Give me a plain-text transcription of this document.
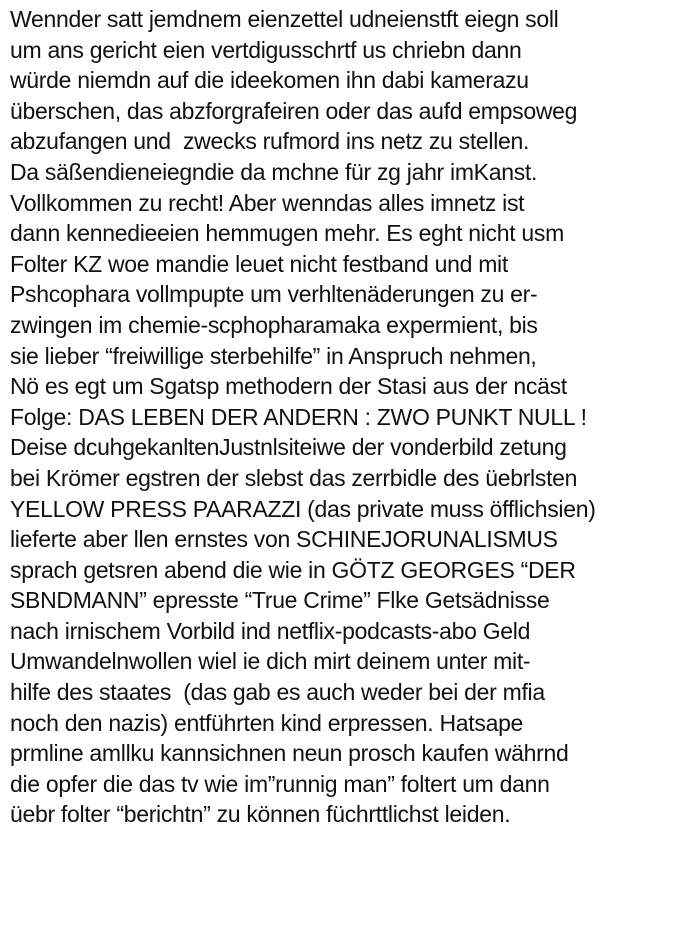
Wennder satt jemdnem eienzettel udneienstft eiegn soll
um ans gericht eien vertdigusschrtf us chriebn dann
würde niemdn auf die ideekomen ihn dabi kamerazu
überschen, das abzforgrafeiren oder das aufd empsoweg
abzufangen und  zwecks rufmord ins netz zu stellen.
Da säßendieneiegndie da mchne für zg jahr imKanst.
Vollkommen zu recht! Aber wenndas alles imnetz ist
dann kennedieeien hemmugen mehr. Es eght nicht usm
Folter KZ woe mandie leuet nicht festband und mit
Pshcophara vollmpupte um verhltenäderungen zu er-
zwingen im chemie-scphopharamaka expermient, bis
sie lieber “freiwillige sterbehilfe” in Anspruch nehmen,
Nö es egt um Sgatsp methodern der Stasi aus der ncäst
Folge: DAS LEBEN DER ANDERN : ZWO PUNKT NULL !
Deise dcuhgekanltenJustnlsiteiwe der vonderbild zetung
bei Krömer egstren der slebst das zerrbidle des üebrlsten
YELLOW PRESS PAARAZZI (das private muss öfflichsien)
lieferte aber llen ernstes von SCHINEJORUNALISMUS
sprach getsren abend die wie in GÖTZ GEORGES “DER
SBNDMANN” epresste “True Crime” Flke Getsädnisse
nach irnischem Vorbild ind netflix-podcasts-abo Geld
Umwandelnwollen wiel ie dich mirt deinem unter mit-
hilfe des staates  (das gab es auch weder bei der mfia
noch den nazis) entführten kind erpressen. Hatsape
prmline amllku kannsichnen neun prosch kaufen währnd
die opfer die das tv wie im”runnig man” foltert um dann
üebr folter “berichtn” zu können füchrttlichst leiden.
